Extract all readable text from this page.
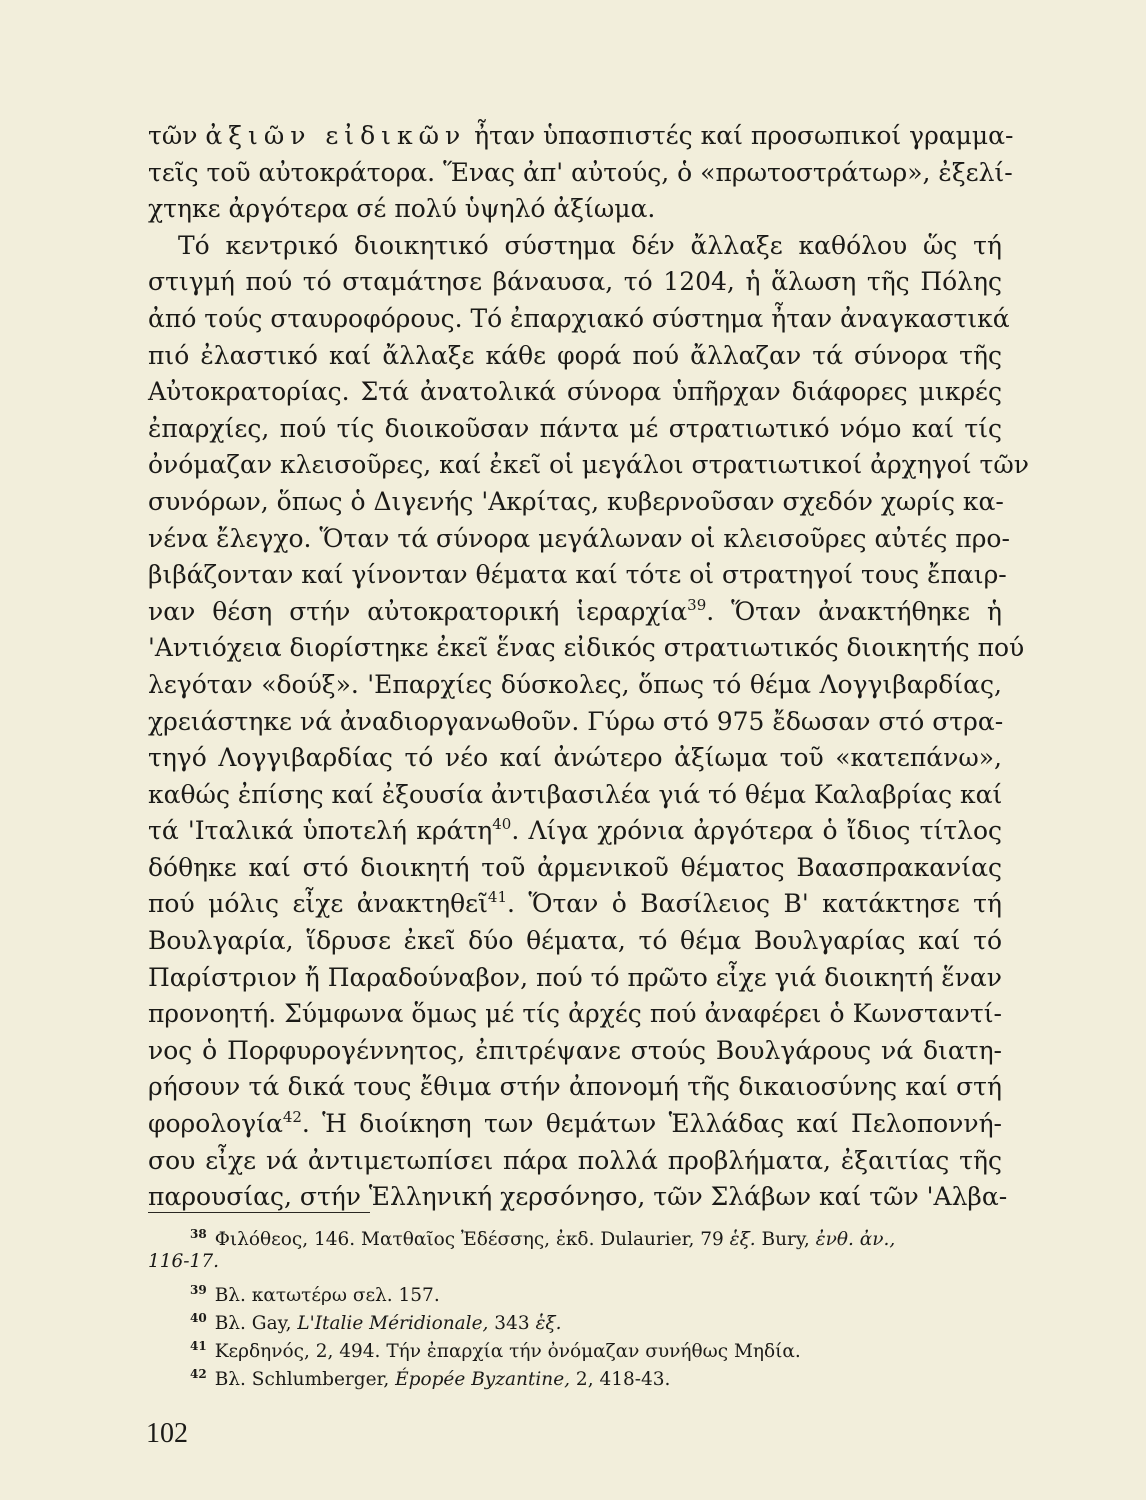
τῶν ἀξιῶν εἰδικῶν ἦταν ὑπασπιστές καί προσωπικοί γραμμα-
τεῖς τοῦ αὐτοκράτορα. Ἕνας ἀπ' αὐτούς, ὁ «πρωτοστράτωρ», ἐξελί-
χτηκε ἀργότερα σέ πολύ ὑψηλό ἀξίωμα.
Τό κεντρικό διοικητικό σύστημα δέν ἄλλαξε καθόλου ὥς τή
στιγμή πού τό σταμάτησε βάναυσα, τό 1204, ἡ ἅλωση τῆς Πόλης
ἀπό τούς σταυροφόρους. Τό ἐπαρχιακό σύστημα ἦταν ἀναγκαστικά
πιό ἐλαστικό καί ἄλλαξε κάθε φορά πού ἄλλαζαν τά σύνορα τῆς
Αὐτοκρατορίας. Στά ἀνατολικά σύνορα ὑπῆρχαν διάφορες μικρές
ἐπαρχίες, πού τίς διοικοῦσαν πάντα μέ στρατιωτικό νόμο καί τίς
ὀνόμαζαν κλεισοῦρες, καί ἐκεῖ οἱ μεγάλοι στρατιωτικοί ἀρχηγοί τῶν
συνόρων, ὅπως ὁ Διγενής 'Ακρίτας, κυβερνοῦσαν σχεδόν χωρίς κα-
νένα ἔλεγχο. Ὅταν τά σύνορα μεγάλωναν οἱ κλεισοῦρες αὐτές προ-
βιβάζονταν καί γίνονταν θέματα καί τότε οἱ στρατηγοί τους ἔπαιρ-
ναν θέση στήν αὐτοκρατορική ἱεραρχία$^{39}$. Ὅταν ἀνακτήθηκε ἡ
'Αντιόχεια διορίστηκε ἐκεῖ ἕνας εἰδικός στρατιωτικός διοικητής πού
λεγόταν «δούξ». 'Επαρχίες δύσκολες, ὅπως τό θέμα Λογγιβαρδίας,
χρειάστηκε νά ἀναδιοργανωθοῦν. Γύρω στό 975 ἔδωσαν στό στρα-
τηγό Λογγιβαρδίας τό νέο καί ἀνώτερο ἀξίωμα τοῦ «κατεπάνω»,
καθώς ἐπίσης καί ἐξουσία ἀντιβασιλέα γιά τό θέμα Καλαβρίας καί
τά 'Ιταλικά ὑποτελή κράτη$^{40}$. Λίγα χρόνια ἀργότερα ὁ ἴδιος τίτλος
δόθηκε καί στό διοικητή τοῦ ἀρμενικοῦ θέματος Βαασπρακανίας
πού μόλις εἶχε ἀνακτηθεῖ$^{41}$. Ὅταν ὁ Βασίλειος Β' κατάκτησε τή
Βουλγαρία, ἵδρυσε ἐκεῖ δύο θέματα, τό θέμα Βουλγαρίας καί τό
Παρίστριον ἤ Παραδούναβον, πού τό πρῶτο εἶχε γιά διοικητή ἕναν
προνοητή. Σύμφωνα ὅμως μέ τίς ἀρχές πού ἀναφέρει ὁ Κωνσταντί-
νος ὁ Πορφυρογέννητος, ἐπιτρέψανε στούς Βουλγάρους νά διατη-
ρήσουν τά δικά τους ἔθιμα στήν ἀπονομή τῆς δικαιοσύνης καί στή
φορολογία$^{42}$. Ἡ διοίκηση των θεμάτων Ἑλλάδας καί Πελοποννή-
σου εἶχε νά ἀντιμετωπίσει πάρα πολλά προβλήματα, ἐξαιτίας τῆς
παρουσίας, στήν Ἑλληνική χερσόνησο, τῶν Σλάβων καί τῶν 'Αλβα-
$^{38}$ Φιλόθεος, 146. Ματθαῖος Ἐδέσσης, ἐκδ. Dulaurier, 79 ἑξ. Bury, ἐνθ. ἀν.,
116-17.
$^{39}$ Βλ. κατωτέρω σελ. 157.
$^{40}$ Βλ. Gay, L'Italie Méridionale, 343 ἑξ.
$^{41}$ Κερδηνός, 2, 494. Τήν ἐπαρχία τήν ὀνόμαζαν συνήθως Μηδία.
$^{42}$ Βλ. Schlumberger, Épopée Byzantine, 2, 418-43.
102
